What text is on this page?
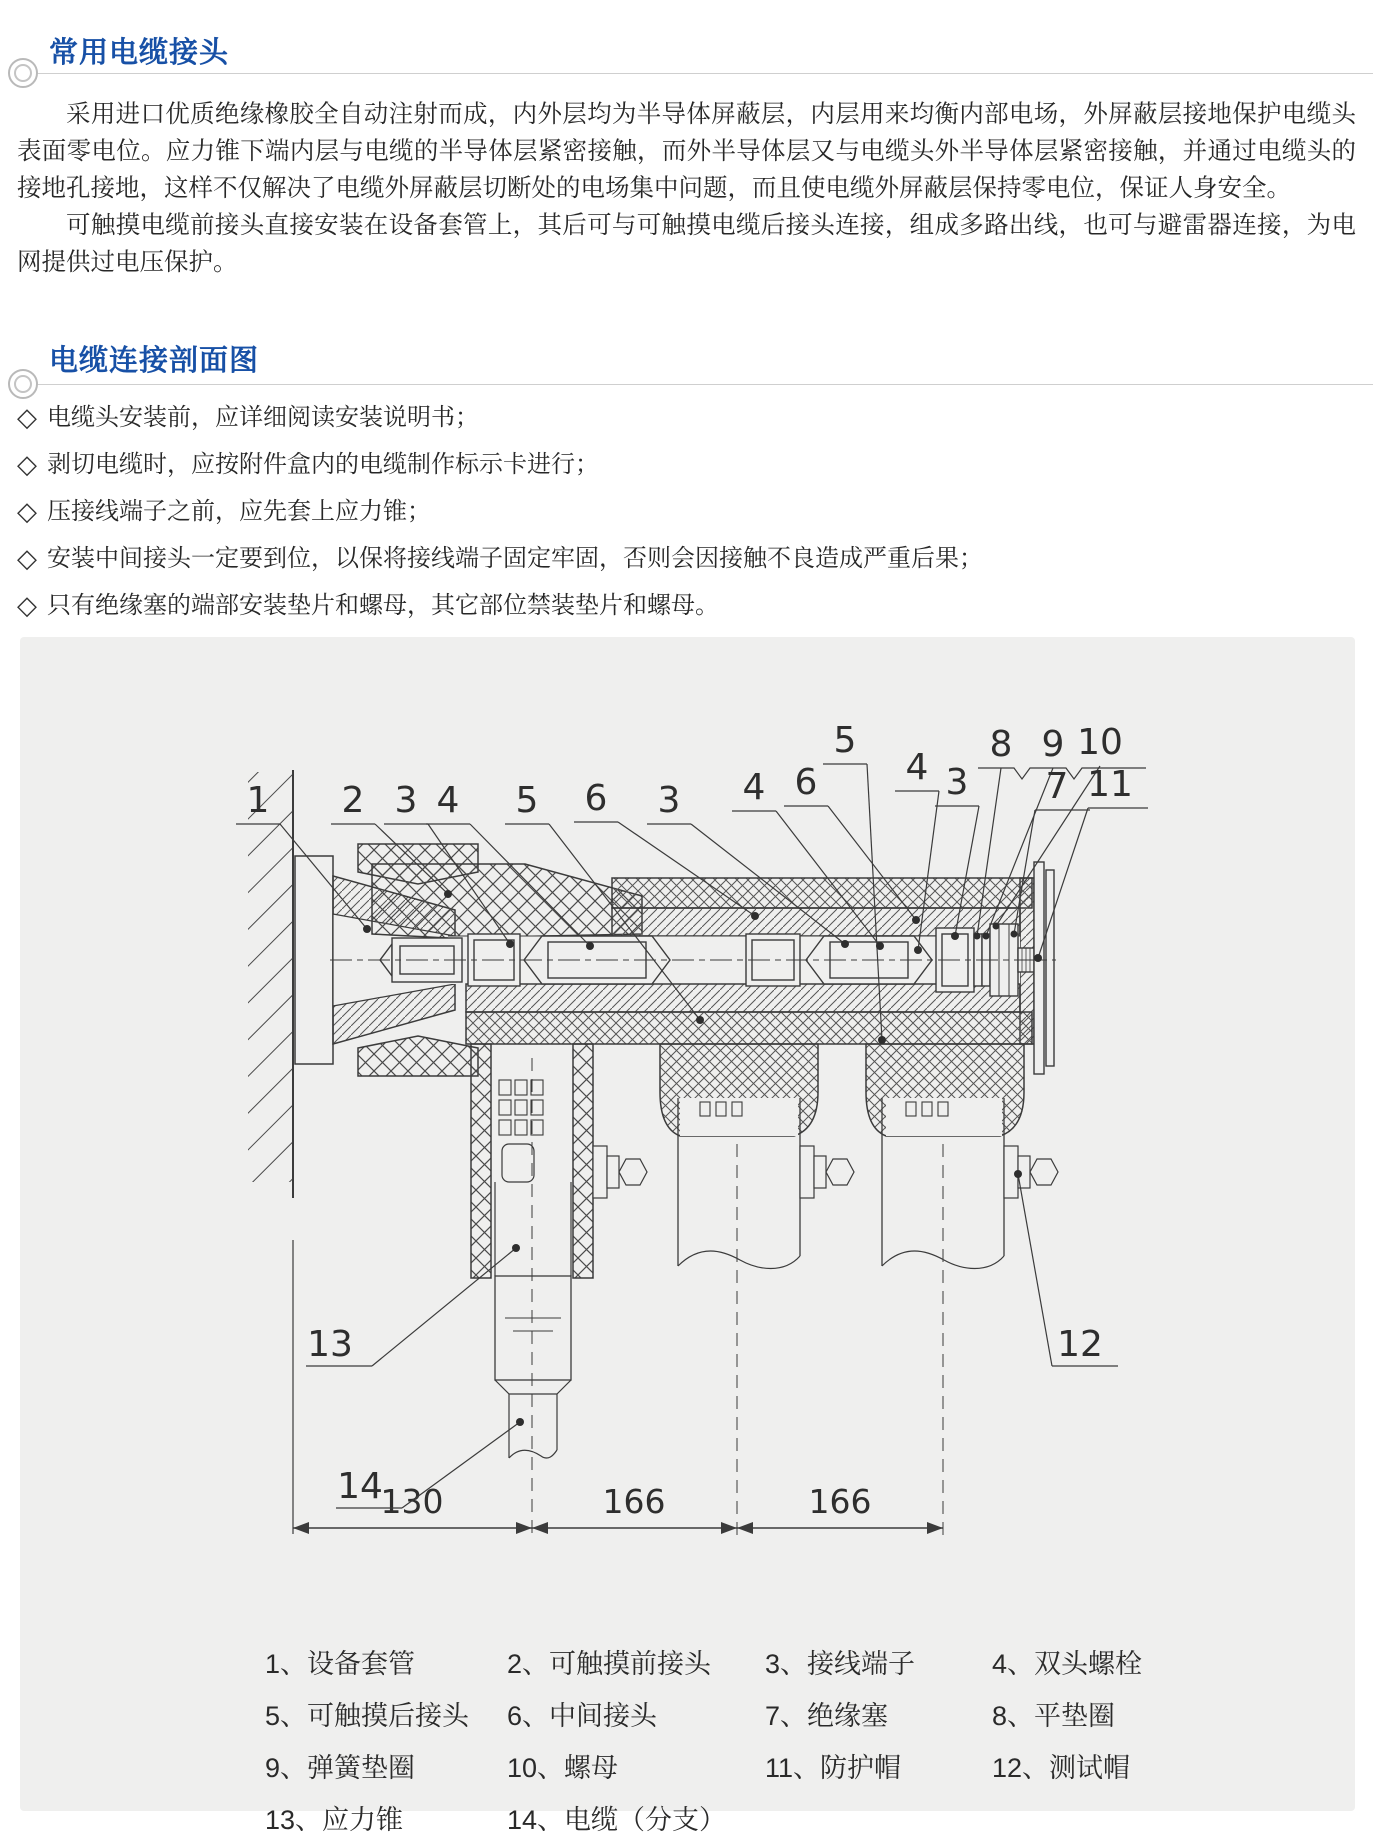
常用电缆接头

采用进口优质绝缘橡胶全自动注射而成，内外层均为半导体屏蔽层，内层用来均衡内部电场，外屏蔽层接地保护电缆头表面零电位。应力锥下端内层与电缆的半导体层紧密接触，而外半导体层又与电缆头外半导体层紧密接触，并通过电缆头的接地孔接地，这样不仅解决了电缆外屏蔽层切断处的电场集中问题，而且使电缆外屏蔽层保持零电位，保证人身安全。

可触摸电缆前接头直接安装在设备套管上，其后可与可触摸电缆后接头连接，组成多路出线，也可与避雷器连接，为电网提供过电压保护。

电缆连接剖面图
◇ 电缆头安装前，应详细阅读安装说明书；
◇ 剥切电缆时，应按附件盒内的电缆制作标示卡进行；
◇ 压接线端子之前，应先套上应力锥；
◇ 安装中间接头一定要到位，以保将接线端子固定牢固，否则会因接触不良造成严重后果；
◇ 只有绝缘塞的端部安装垫片和螺母，其它部位禁装垫片和螺母。
130	166	166
1 2 3 4 5 6 3 4 6
5
4 3
8 9 10
7 11
13
14
12
1、设备套管	2、可触摸前接头	3、接线端子	4、双头螺栓
5、可触摸后接头	6、中间接头	7、绝缘塞	8、平垫圈
9、弹簧垫圈	10、螺母	11、防护帽	12、测试帽
13、应力锥	14、电缆（分支）
